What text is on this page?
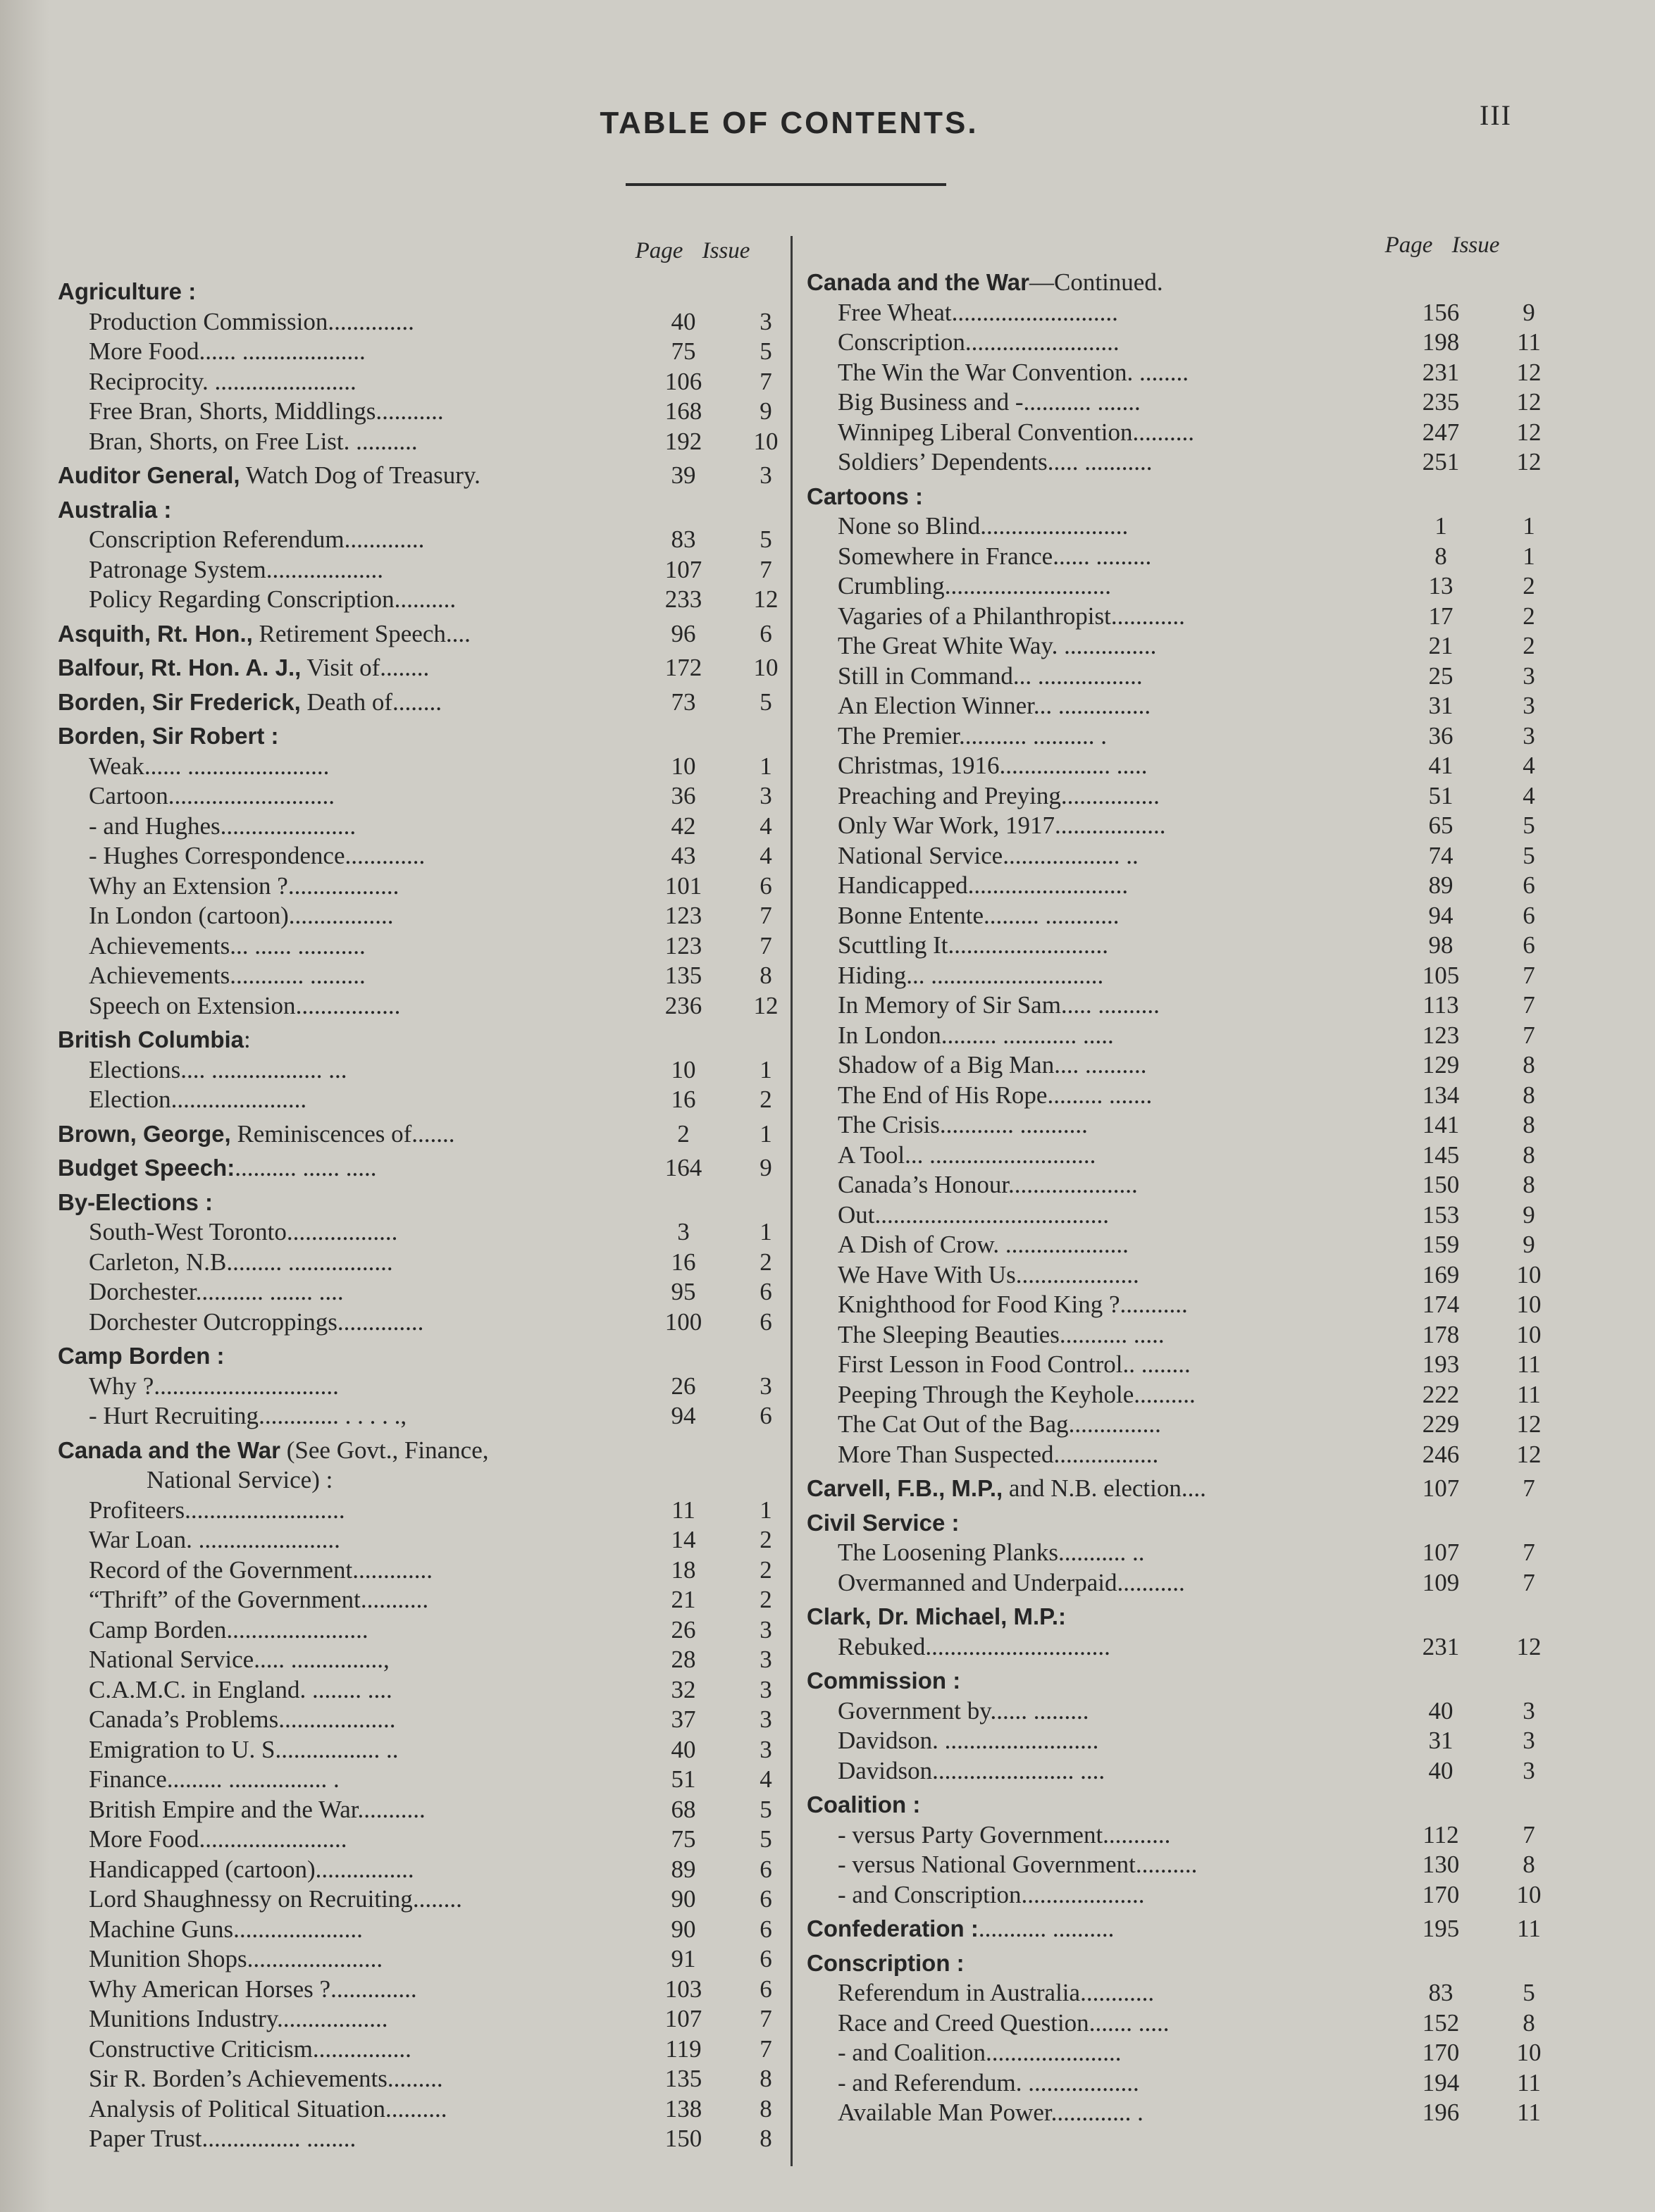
TABLE OF CONTENTS.	III
Page Issue	Page Issue
Agriculture :
Production Commission..............	40	3
More Food...... ....................	75	5
Reciprocity. .......................	106	7
Free Bran, Shorts, Middlings...........	168	9
Bran, Shorts, on Free List. ..........	192	10
Auditor General, Watch Dog of Treasury.	39	3
Australia :
Conscription Referendum.............	83	5
Patronage System...................	107	7
Policy Regarding Conscription..........	233	12
Asquith, Rt. Hon., Retirement Speech....	96	6
Balfour, Rt. Hon. A. J., Visit of........	172	10
Borden, Sir Frederick, Death of........	73	5
Borden, Sir Robert :
Weak...... .......................	10	1
Cartoon...........................	36	3
- and Hughes......................	42	4
- Hughes Correspondence.............	43	4
Why an Extension ?..................	101	6
In London (cartoon).................	123	7
Achievements... ...... ...........	123	7
Achievements............ .........	135	8
Speech on Extension.................	236	12
British Columbia:
Elections.... .................. ...	10	1
Election......................	16	2
Brown, George, Reminiscences of.......	2	1
Budget Speech:.......... ...... .....	164	9
By-Elections :
South-West Toronto..................	3	1
Carleton, N.B......... .................	16	2
Dorchester........... ....... ....	95	6
Dorchester Outcroppings..............	100	6
Camp Borden :
Why ?..............................	26	3
- Hurt Recruiting............. . . . . .,	94	6
Canada and the War (See Govt., Finance,
National Service) :
Profiteers..........................	11	1
War Loan. .......................	14	2
Record of the Government.............	18	2
“Thrift” of the Government...........	21	2
Camp Borden.......................	26	3
National Service..... ...............,	28	3
C.A.M.C. in England. ........ ....	32	3
Canada’s Problems...................	37	3
Emigration to U. S................. ..	40	3
Finance......... ................ .	51	4
British Empire and the War...........	68	5
More Food........................	75	5
Handicapped (cartoon)................	89	6
Lord Shaughnessy on Recruiting........	90	6
Machine Guns.....................	90	6
Munition Shops......................	91	6
Why American Horses ?..............	103	6
Munitions Industry..................	107	7
Constructive Criticism................	119	7
Sir R. Borden’s Achievements.........	135	8
Analysis of Political Situation..........	138	8
Paper Trust................ ........	150	8
Canada and the War—Continued.
Free Wheat...........................	156	9
Conscription.........................	198	11
The Win the War Convention. ........	231	12
Big Business and -........... .......	235	12
Winnipeg Liberal Convention..........	247	12
Soldiers’ Dependents..... ...........	251	12
Cartoons :
None so Blind........................	1	1
Somewhere in France...... .........	8	1
Crumbling...........................	13	2
Vagaries of a Philanthropist............	17	2
The Great White Way. ...............	21	2
Still in Command... .................	25	3
An Election Winner... ...............	31	3
The Premier........... .......... .	36	3
Christmas, 1916.................. .....	41	4
Preaching and Preying................	51	4
Only War Work, 1917..................	65	5
National Service................... ..	74	5
Handicapped..........................	89	6
Bonne Entente......... ............	94	6
Scuttling It..........................	98	6
Hiding... ............................	105	7
In Memory of Sir Sam..... ..........	113	7
In London......... ............ .....	123	7
Shadow of a Big Man.... ..........	129	8
The End of His Rope......... .......	134	8
The Crisis............ ...........	141	8
A Tool... ...........................	145	8
Canada’s Honour.....................	150	8
Out......................................	153	9
A Dish of Crow. ....................	159	9
We Have With Us....................	169	10
Knighthood for Food King ?...........	174	10
The Sleeping Beauties........... .....	178	10
First Lesson in Food Control.. ........	193	11
Peeping Through the Keyhole..........	222	11
The Cat Out of the Bag...............	229	12
More Than Suspected.................	246	12
Carvell, F.B., M.P., and N.B. election....	107	7
Civil Service :
The Loosening Planks........... ..	107	7
Overmanned and Underpaid...........	109	7
Clark, Dr. Michael, M.P.:
Rebuked..............................	231	12
Commission :
Government by...... .........	40	3
Davidson. .........................	31	3
Davidson....................... ....	40	3
Coalition :
- versus Party Government...........	112	7
- versus National Government..........	130	8
- and Conscription....................	170	10
Confederation :........... ..........	195	11
Conscription :
Referendum in Australia............	83	5
Race and Creed Question....... .....	152	8
- and Coalition......................	170	10
- and Referendum. ..................	194	11
Available Man Power............. .	196	11
